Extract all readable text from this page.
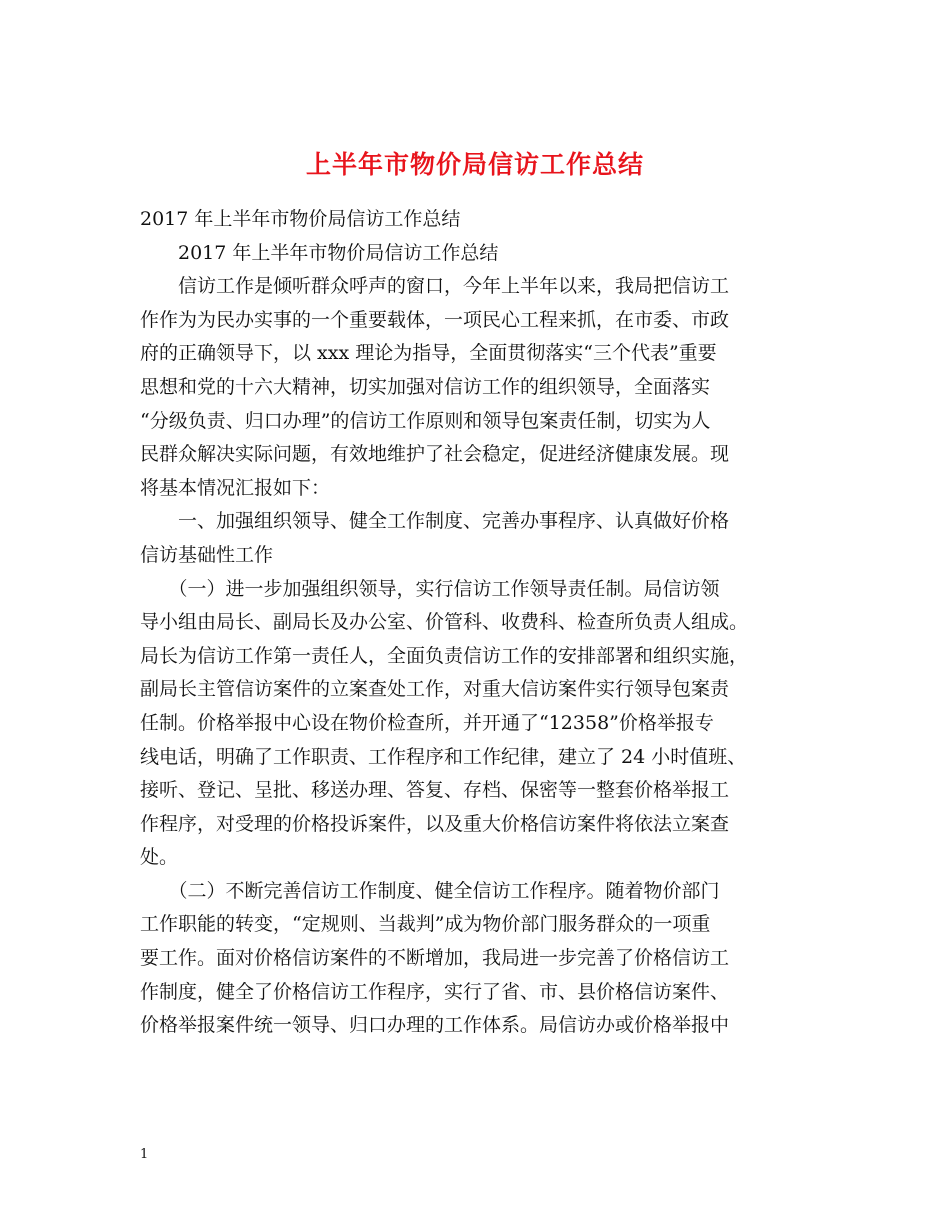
上半年市物价局信访工作总结

2017 年上半年市物价局信访工作总结

　　2017 年上半年市物价局信访工作总结

　　信访工作是倾听群众呼声的窗口，今年上半年以来，我局把信访工

作作为为民办实事的一个重要载体，一项民心工程来抓，在市委、市政

府的正确领导下，以 xxx 理论为指导，全面贯彻落实“三个代表”重要

思想和党的十六大精神，切实加强对信访工作的组织领导，全面落实

“分级负责、归口办理”的信访工作原则和领导包案责任制，切实为人

民群众解决实际问题，有效地维护了社会稳定，促进经济健康发展。现

将基本情况汇报如下：

　　一、加强组织领导、健全工作制度、完善办事程序、认真做好价格

信访基础性工作

　　（一）进一步加强组织领导，实行信访工作领导责任制。局信访领

导小组由局长、副局长及办公室、价管科、收费科、检查所负责人组成。

局长为信访工作第一责任人，全面负责信访工作的安排部署和组织实施，

副局长主管信访案件的立案查处工作，对重大信访案件实行领导包案责

任制。价格举报中心设在物价检查所，并开通了“12358”价格举报专

线电话，明确了工作职责、工作程序和工作纪律，建立了 24 小时值班、

接听、登记、呈批、移送办理、答复、存档、保密等一整套价格举报工

作程序，对受理的价格投诉案件，以及重大价格信访案件将依法立案查

处。

　　（二）不断完善信访工作制度、健全信访工作程序。随着物价部门

工作职能的转变，“定规则、当裁判”成为物价部门服务群众的一项重

要工作。面对价格信访案件的不断增加，我局进一步完善了价格信访工

作制度，健全了价格信访工作程序，实行了省、市、县价格信访案件、

价格举报案件统一领导、归口办理的工作体系。局信访办或价格举报中

1
